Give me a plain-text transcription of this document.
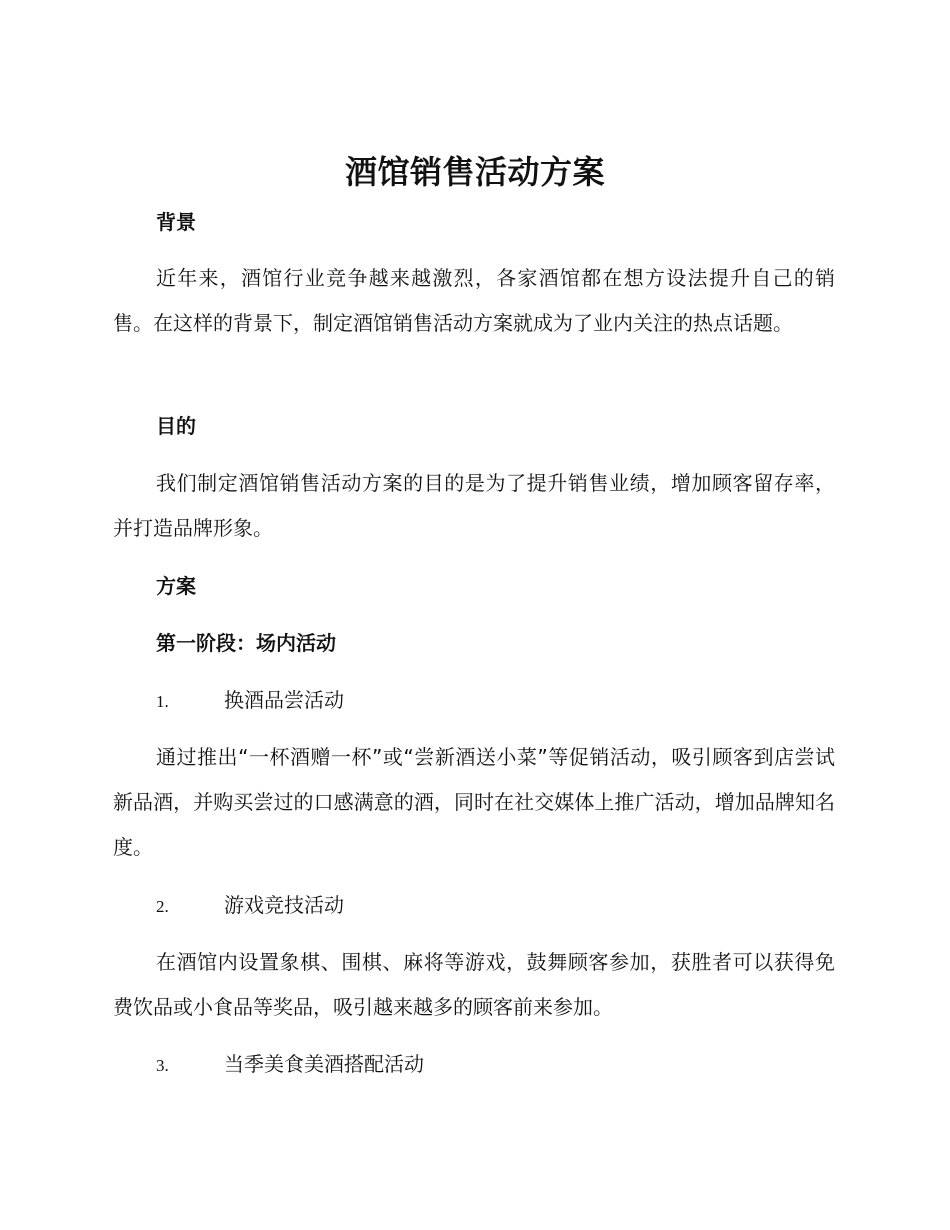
酒馆销售活动方案
背景
近年来，酒馆行业竞争越来越激烈，各家酒馆都在想方设法提升自己的销售。在这样的背景下，制定酒馆销售活动方案就成为了业内关注的热点话题。
目的
我们制定酒馆销售活动方案的目的是为了提升销售业绩，增加顾客留存率，并打造品牌形象。
方案
第一阶段：场内活动
1.	换酒品尝活动
通过推出“一杯酒赠一杯”或“尝新酒送小菜”等促销活动，吸引顾客到店尝试新品酒，并购买尝过的口感满意的酒，同时在社交媒体上推广活动，增加品牌知名度。
2.	游戏竞技活动
在酒馆内设置象棋、围棋、麻将等游戏，鼓舞顾客参加，获胜者可以获得免费饮品或小食品等奖品，吸引越来越多的顾客前来参加。
3.	当季美食美酒搭配活动
